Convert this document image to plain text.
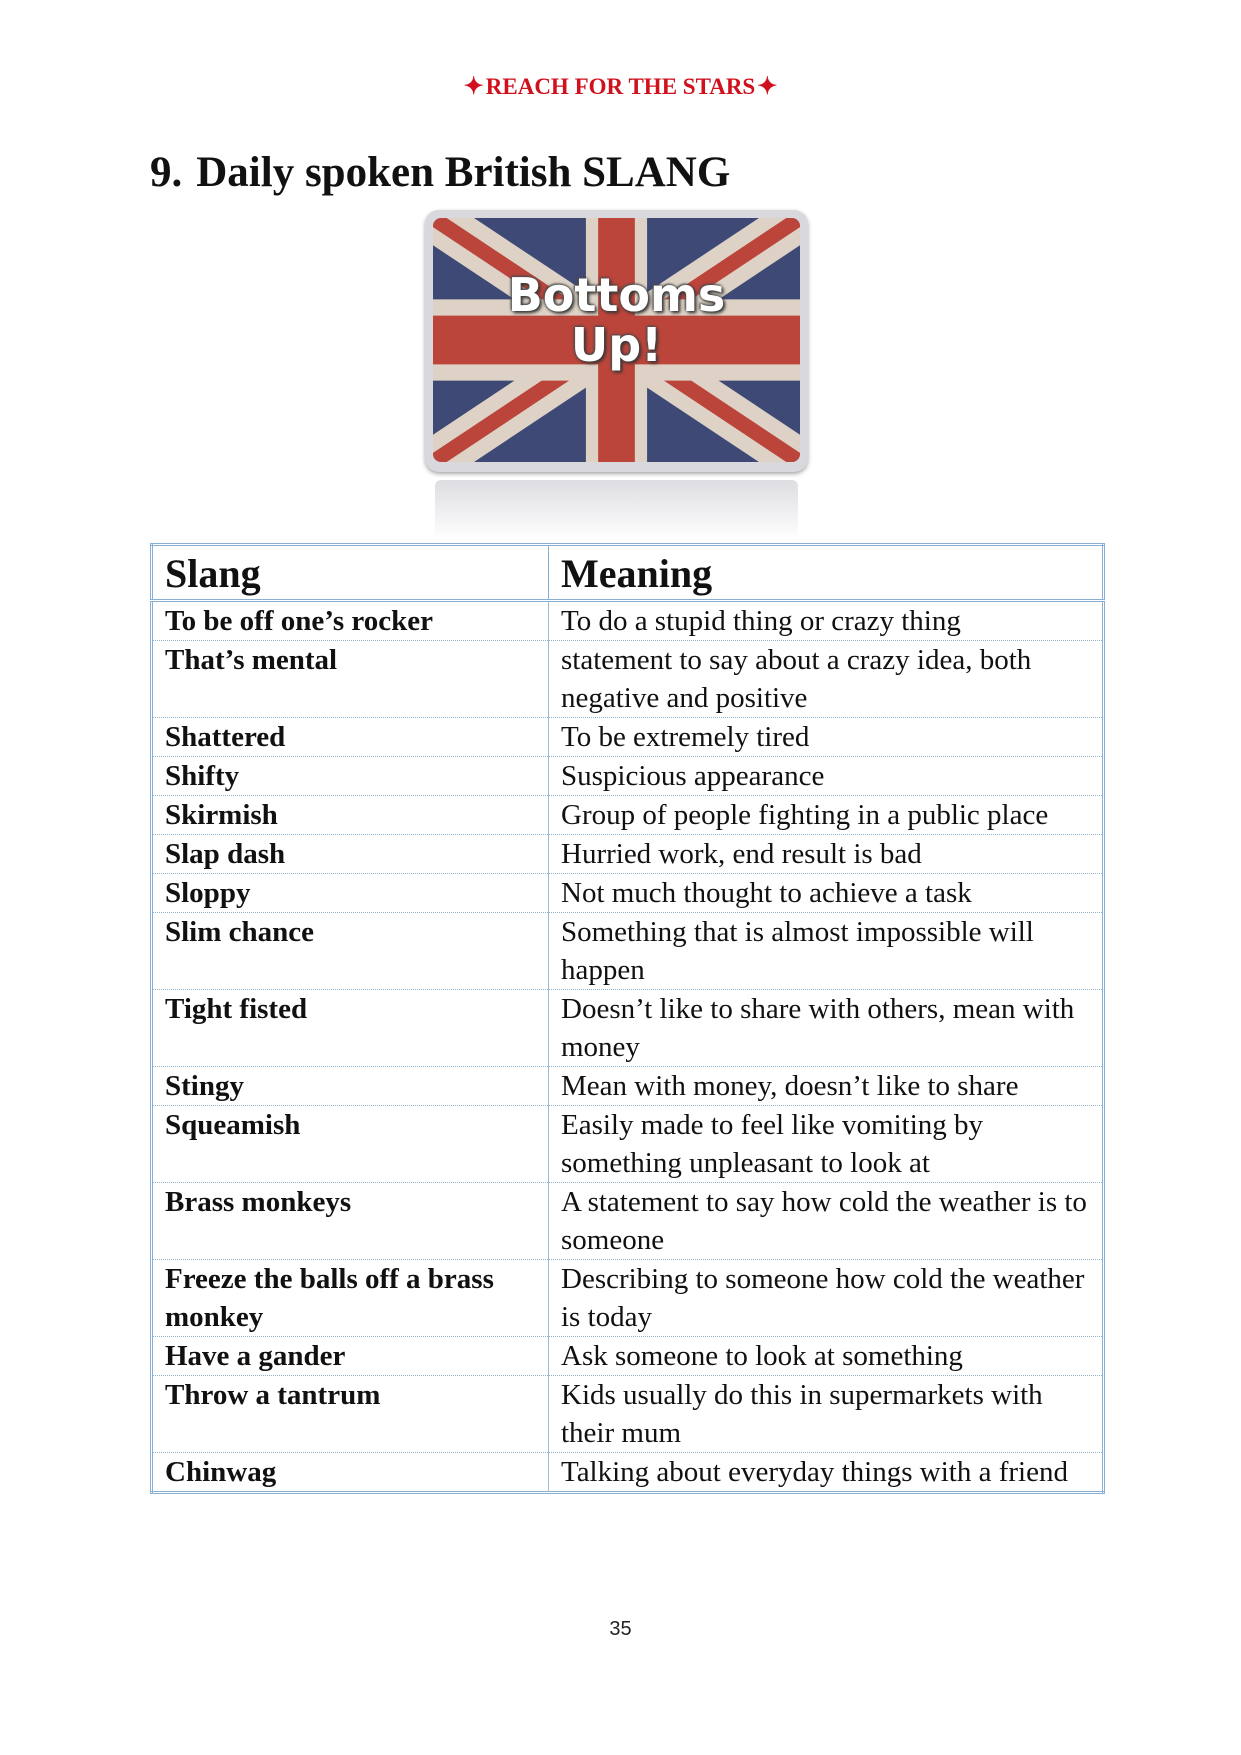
✦REACH FOR THE STARS✦
9. Daily spoken British SLANG
Bottoms
Up!
Slang	Meaning
To be off one’s rocker	To do a stupid thing or crazy thing
That’s mental	statement to say about a crazy idea, both negative and positive
Shattered	To be extremely tired
Shifty	Suspicious appearance
Skirmish	Group of people fighting in a public place
Slap dash	Hurried work, end result is bad
Sloppy	Not much thought to achieve a task
Slim chance	Something that is almost impossible will happen
Tight fisted	Doesn’t like to share with others, mean with money
Stingy	Mean with money, doesn’t like to share
Squeamish	Easily made to feel like vomiting by something unpleasant to look at
Brass monkeys	A statement to say how cold the weather is to someone
Freeze the balls off a brass monkey	Describing to someone how cold the weather is today
Have a gander	Ask someone to look at something
Throw a tantrum	Kids usually do this in supermarkets with their mum
Chinwag	Talking about everyday things with a friend
35
